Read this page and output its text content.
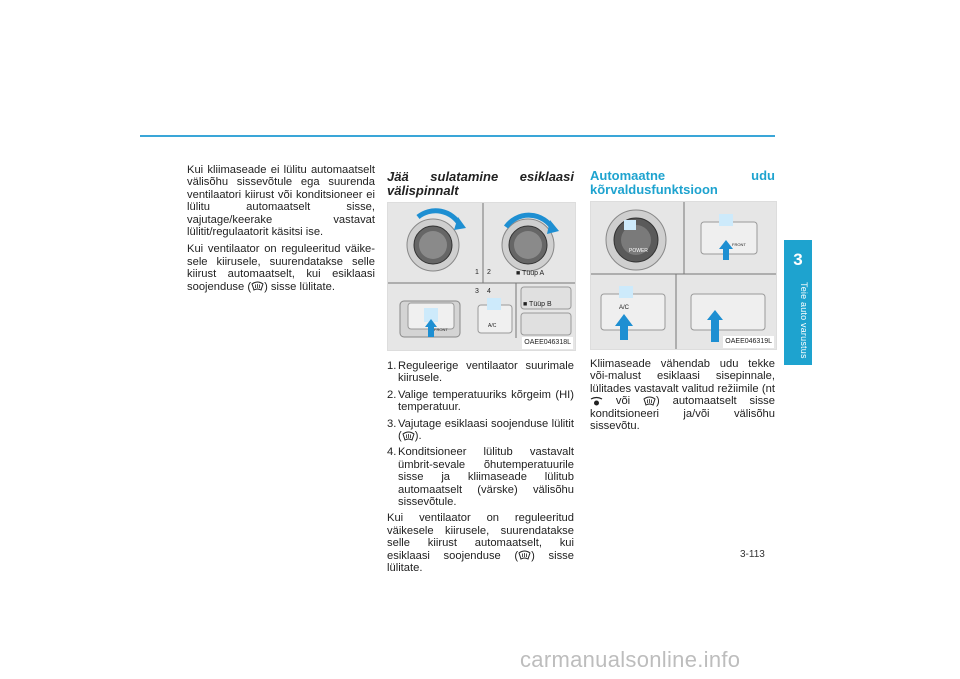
3
Teie auto varustus

Kui kliimaseade ei lülitu automaatselt välisõhu sissevõtule ega suurenda ventilaatori kiirust või konditsioneer ei lülitu automaatselt sisse, vajutage/keerake vastavat lülitit/regulaatorit käsitsi ise.

Kui ventilaator on reguleeritud väike-sele kiirusele, suurendatakse selle kiirust automaatselt, kui esiklaasi soojenduse ( ) sisse lülitate.

Jää sulatamine esiklaasi välispinnalt
1 2
3 4
■ Tüüp A
■ Tüüp B
A/C
FRONT
OAEE046318L
1. Reguleerige ventilaator suurimale kiirusele.
2. Valige temperatuuriks kõrgeim (HI) temperatuur.
3. Vajutage esiklaasi soojenduse lülitit ( ).
4. Konditsioneer lülitub vastavalt ümbrit-sevale õhutemperatuurile sisse ja kliimaseade lülitub automaatselt (värske) välisõhu sissevõtule.

Kui ventilaator on reguleeritud väikesele kiirusele, suurendatakse selle kiirust automaatselt, kui esiklaasi soojenduse ( ) sisse lülitate.

Automaatne udu kõrvaldusfunktsioon
POWER
A/C
FRONT
OAEE046319L

Kliimaseade vähendab udu tekke või-malust esiklaasi sisepinnale, lülitades vastavalt valitud režiimile (nt  või ) automaatselt sisse konditsioneeri ja/või välisõhu sissevõtu.

3-113
carmanualsonline.info
